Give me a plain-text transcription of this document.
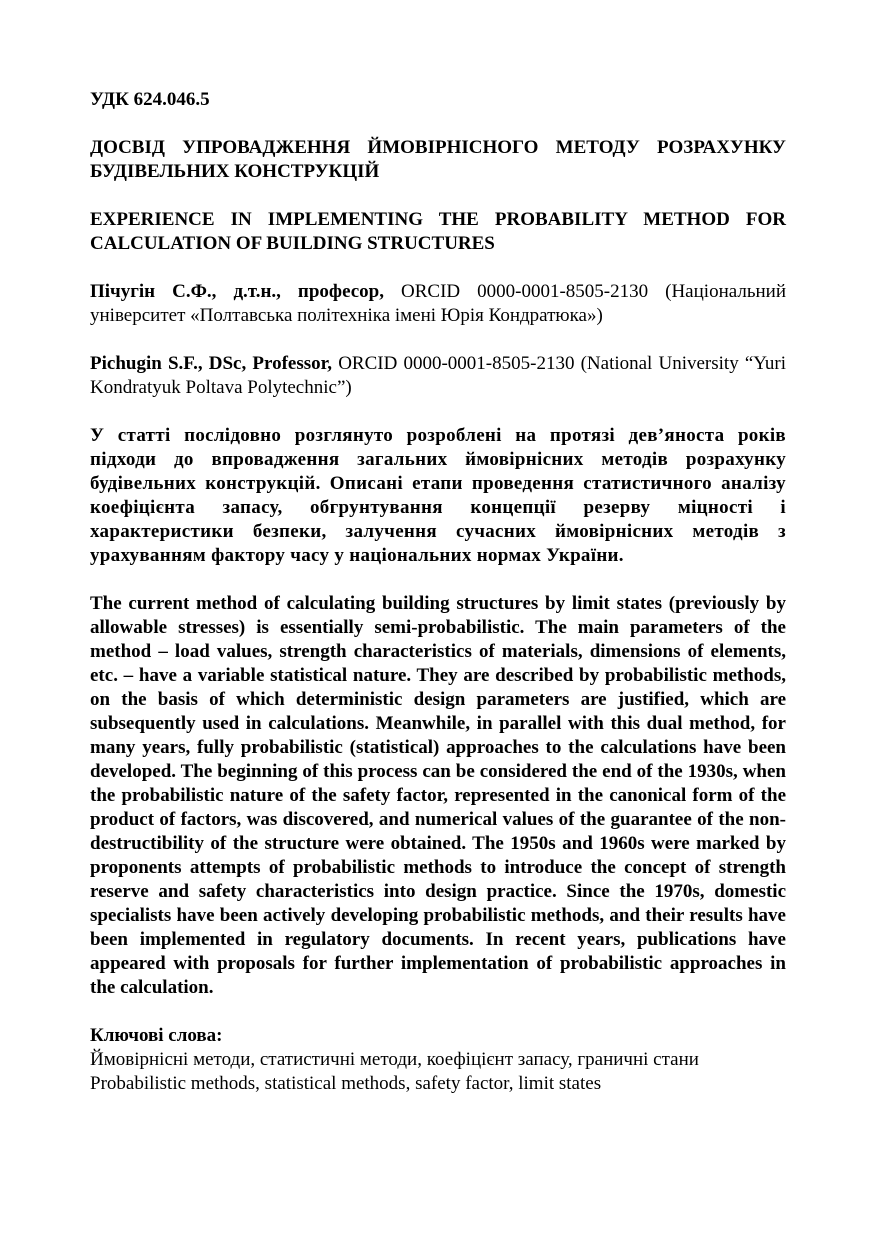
УДК 624.046.5

ДОСВІД УПРОВАДЖЕННЯ ЙМОВІРНІСНОГО МЕТОДУ РОЗРАХУНКУ БУДІВЕЛЬНИХ КОНСТРУКЦІЙ

EXPERIENCE IN IMPLEMENTING THE PROBABILITY METHOD FOR CALCULATION OF BUILDING STRUCTURES

Пічугін С.Ф., д.т.н., професор, ORCID 0000-0001-8505-2130 (Національний університет «Полтавська політехніка імені Юрія Кондратюка»)

Pichugin S.F., DSc, Professor, ORCID 0000-0001-8505-2130 (National University “Yuri Kondratyuk Poltava Polytechnic”)

У статті послідовно розглянуто розроблені на протязі дев’яноста років підходи до впровадження загальних ймовірнісних методів розрахунку будівельних конструкцій. Описані етапи проведення статистичного аналізу коефіцієнта запасу, обгрунтування концепції резерву міцності і характеристики безпеки, залучення сучасних ймовірнісних методів з урахуванням фактору часу у національних нормах України.

The current method of calculating building structures by limit states (previously by allowable stresses) is essentially semi-probabilistic. The main parameters of the method – load values, strength characteristics of materials, dimensions of elements, etc. – have a variable statistical nature. They are described by probabilistic methods, on the basis of which deterministic design parameters are justified, which are subsequently used in calculations. Meanwhile, in parallel with this dual method, for many years, fully probabilistic (statistical) approaches to the calculations have been developed. The beginning of this process can be considered the end of the 1930s, when the probabilistic nature of the safety factor, represented in the canonical form of the product of factors, was discovered, and numerical values of the guarantee of the non-destructibility of the structure were obtained. The 1950s and 1960s were marked by proponents attempts of probabilistic methods to introduce the concept of strength reserve and safety characteristics into design practice. Since the 1970s, domestic specialists have been actively developing probabilistic methods, and their results have been implemented in regulatory documents. In recent years, publications have appeared with proposals for further implementation of probabilistic approaches in the calculation.

Ключові слова:

Ймовірнісні методи, статистичні методи, коефіцієнт запасу, граничні стани

Probabilistic methods, statistical methods, safety factor, limit states
